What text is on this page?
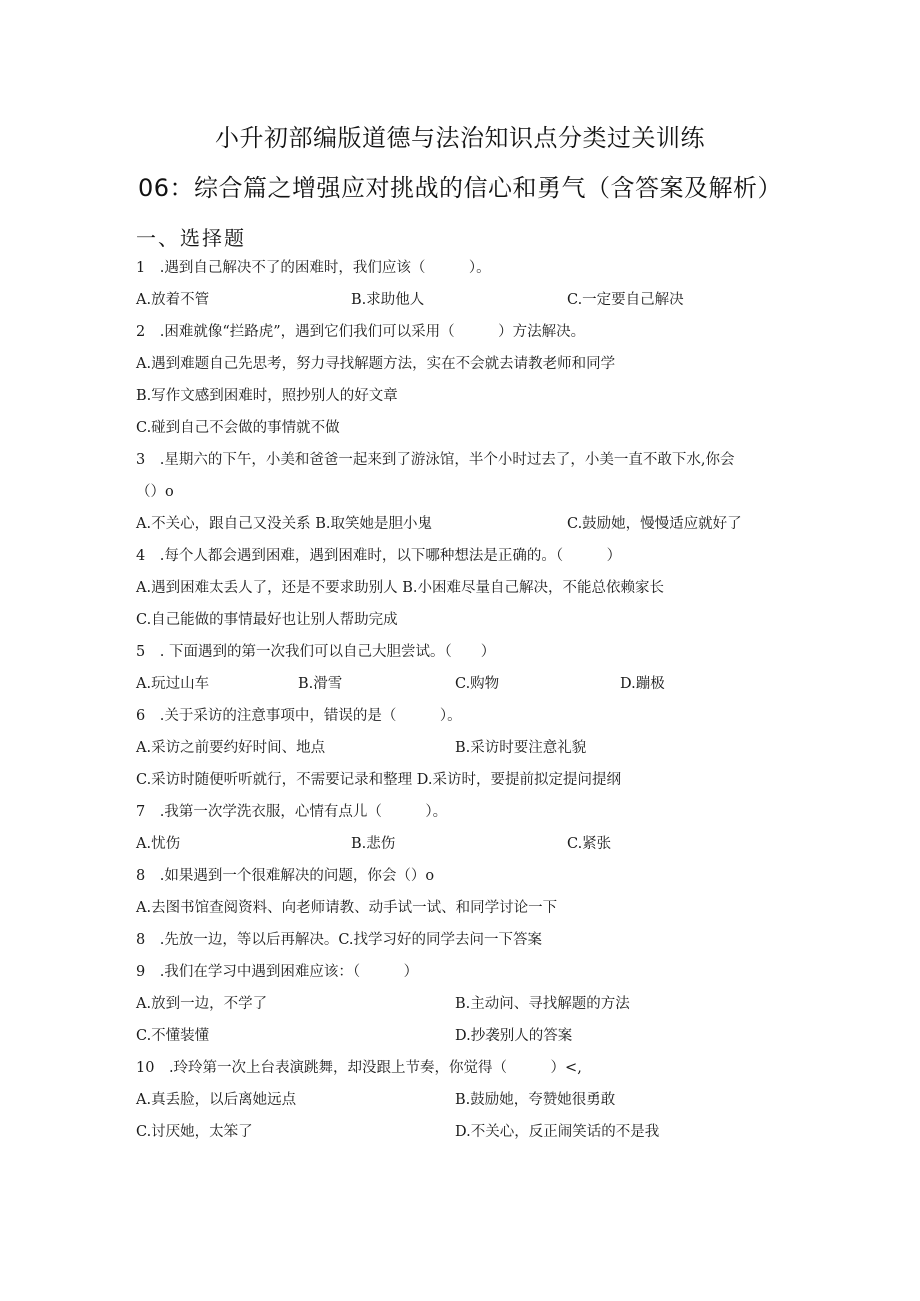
小升初部编版道德与法治知识点分类过关训练
06：综合篇之增强应对挑战的信心和勇气（含答案及解析）
一、选择题
1　.遇到自己解决不了的困难时，我们应该（　　　）。
A.放着不管	B.求助他人	C.一定要自己解决
2　.困难就像“拦路虎”，遇到它们我们可以采用（　　　）方法解决。
A.遇到难题自己先思考，努力寻找解题方法，实在不会就去请教老师和同学
B.写作文感到困难时，照抄别人的好文章
C.碰到自己不会做的事情就不做
3　.星期六的下午，小美和爸爸一起来到了游泳馆，半个小时过去了，小美一直不敢下水,你会
（）o
A.不关心，跟自己又没关系 B.取笑她是胆小鬼	C.鼓励她，慢慢适应就好了
4　.每个人都会遇到困难，遇到困难时，以下哪种想法是正确的。（　　　）
A.遇到困难太丢人了，还是不要求助别人 B.小困难尽量自己解决，不能总依赖家长
C.自己能做的事情最好也让别人帮助完成
5　. 下面遇到的第一次我们可以自己大胆尝试。（　　）
A.玩过山车	B.滑雪	C.购物	D.蹦极
6　.关于采访的注意事项中，错误的是（　　　）。
A.采访之前要约好时间、地点	B.采访时要注意礼貌
C.采访时随便听听就行，不需要记录和整理 D.采访时，要提前拟定提问提纲
7　.我第一次学洗衣服，心情有点儿（　　　）。
A.忧伤	B.悲伤	C.紧张
8　.如果遇到一个很难解决的问题，你会（）o
A.去图书馆查阅资料、向老师请教、动手试一试、和同学讨论一下
8　.先放一边，等以后再解决。C.找学习好的同学去问一下答案
9　.我们在学习中遇到困难应该：（　　　）
A.放到一边，不学了	B.主动问、寻找解题的方法
C.不懂装懂	D.抄袭别人的答案
10　.玲玲第一次上台表演跳舞，却没跟上节奏，你觉得（　　　）<,
A.真丢脸，以后离她远点	B.鼓励她，夸赞她很勇敢
C.讨厌她，太笨了	D.不关心，反正闹笑话的不是我
